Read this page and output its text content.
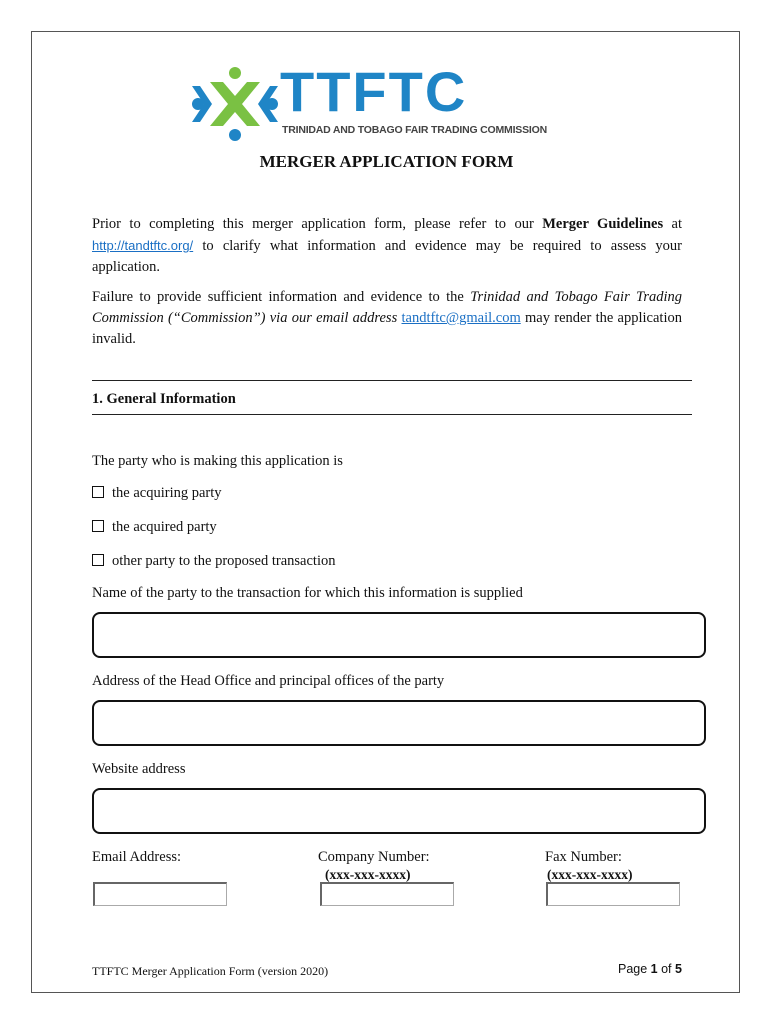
TTFTC
TRINIDAD AND TOBAGO FAIR TRADING COMMISSION
MERGER APPLICATION FORM
Prior to completing this merger application form, please refer to our Merger Guidelines at http://tandtftc.org/ to clarify what information and evidence may be required to assess your application.
Failure to provide sufficient information and evidence to the Trinidad and Tobago Fair Trading Commission (“Commission”) via our email address tandtftc@gmail.com may render the application invalid.
1. General Information
The party who is making this application is
the acquiring party
the acquired party
other party to the proposed transaction
Name of the party to the transaction for which this information is supplied
Address of the Head Office and principal offices of the party
Website address
Email Address:	Company Number:
(xxx-xxx-xxxx)
Fax Number:
(xxx-xxx-xxxx)
TTFTC Merger Application Form (version 2020)	Page 1 of 5
